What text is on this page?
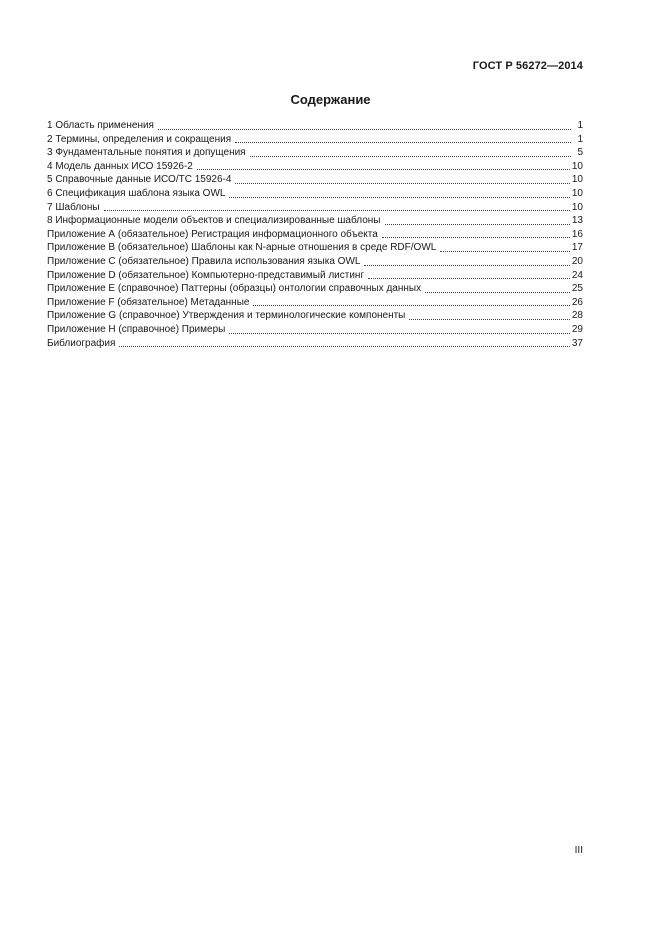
ГОСТ Р 56272—2014
Содержание
1 Область применения	1
2 Термины, определения и сокращения	1
3 Фундаментальные понятия и допущения	5
4 Модель данных ИСО 15926-2	10
5 Справочные данные ИСО/ТС 15926-4	10
6 Спецификация шаблона языка OWL	10
7 Шаблоны	10
8 Информационные модели объектов и специализированные шаблоны	13
Приложение А (обязательное) Регистрация информационного объекта	16
Приложение В (обязательное) Шаблоны как N-арные отношения в среде RDF/OWL	17
Приложение С (обязательное) Правила использования языка OWL	20
Приложение D (обязательное) Компьютерно-представимый листинг	24
Приложение Е (справочное) Паттерны (образцы) онтологии справочных данных	25
Приложение F (обязательное) Метаданные	26
Приложение G (справочное) Утверждения и терминологические компоненты	28
Приложение Н (справочное) Примеры	29
Библиография	37
III
